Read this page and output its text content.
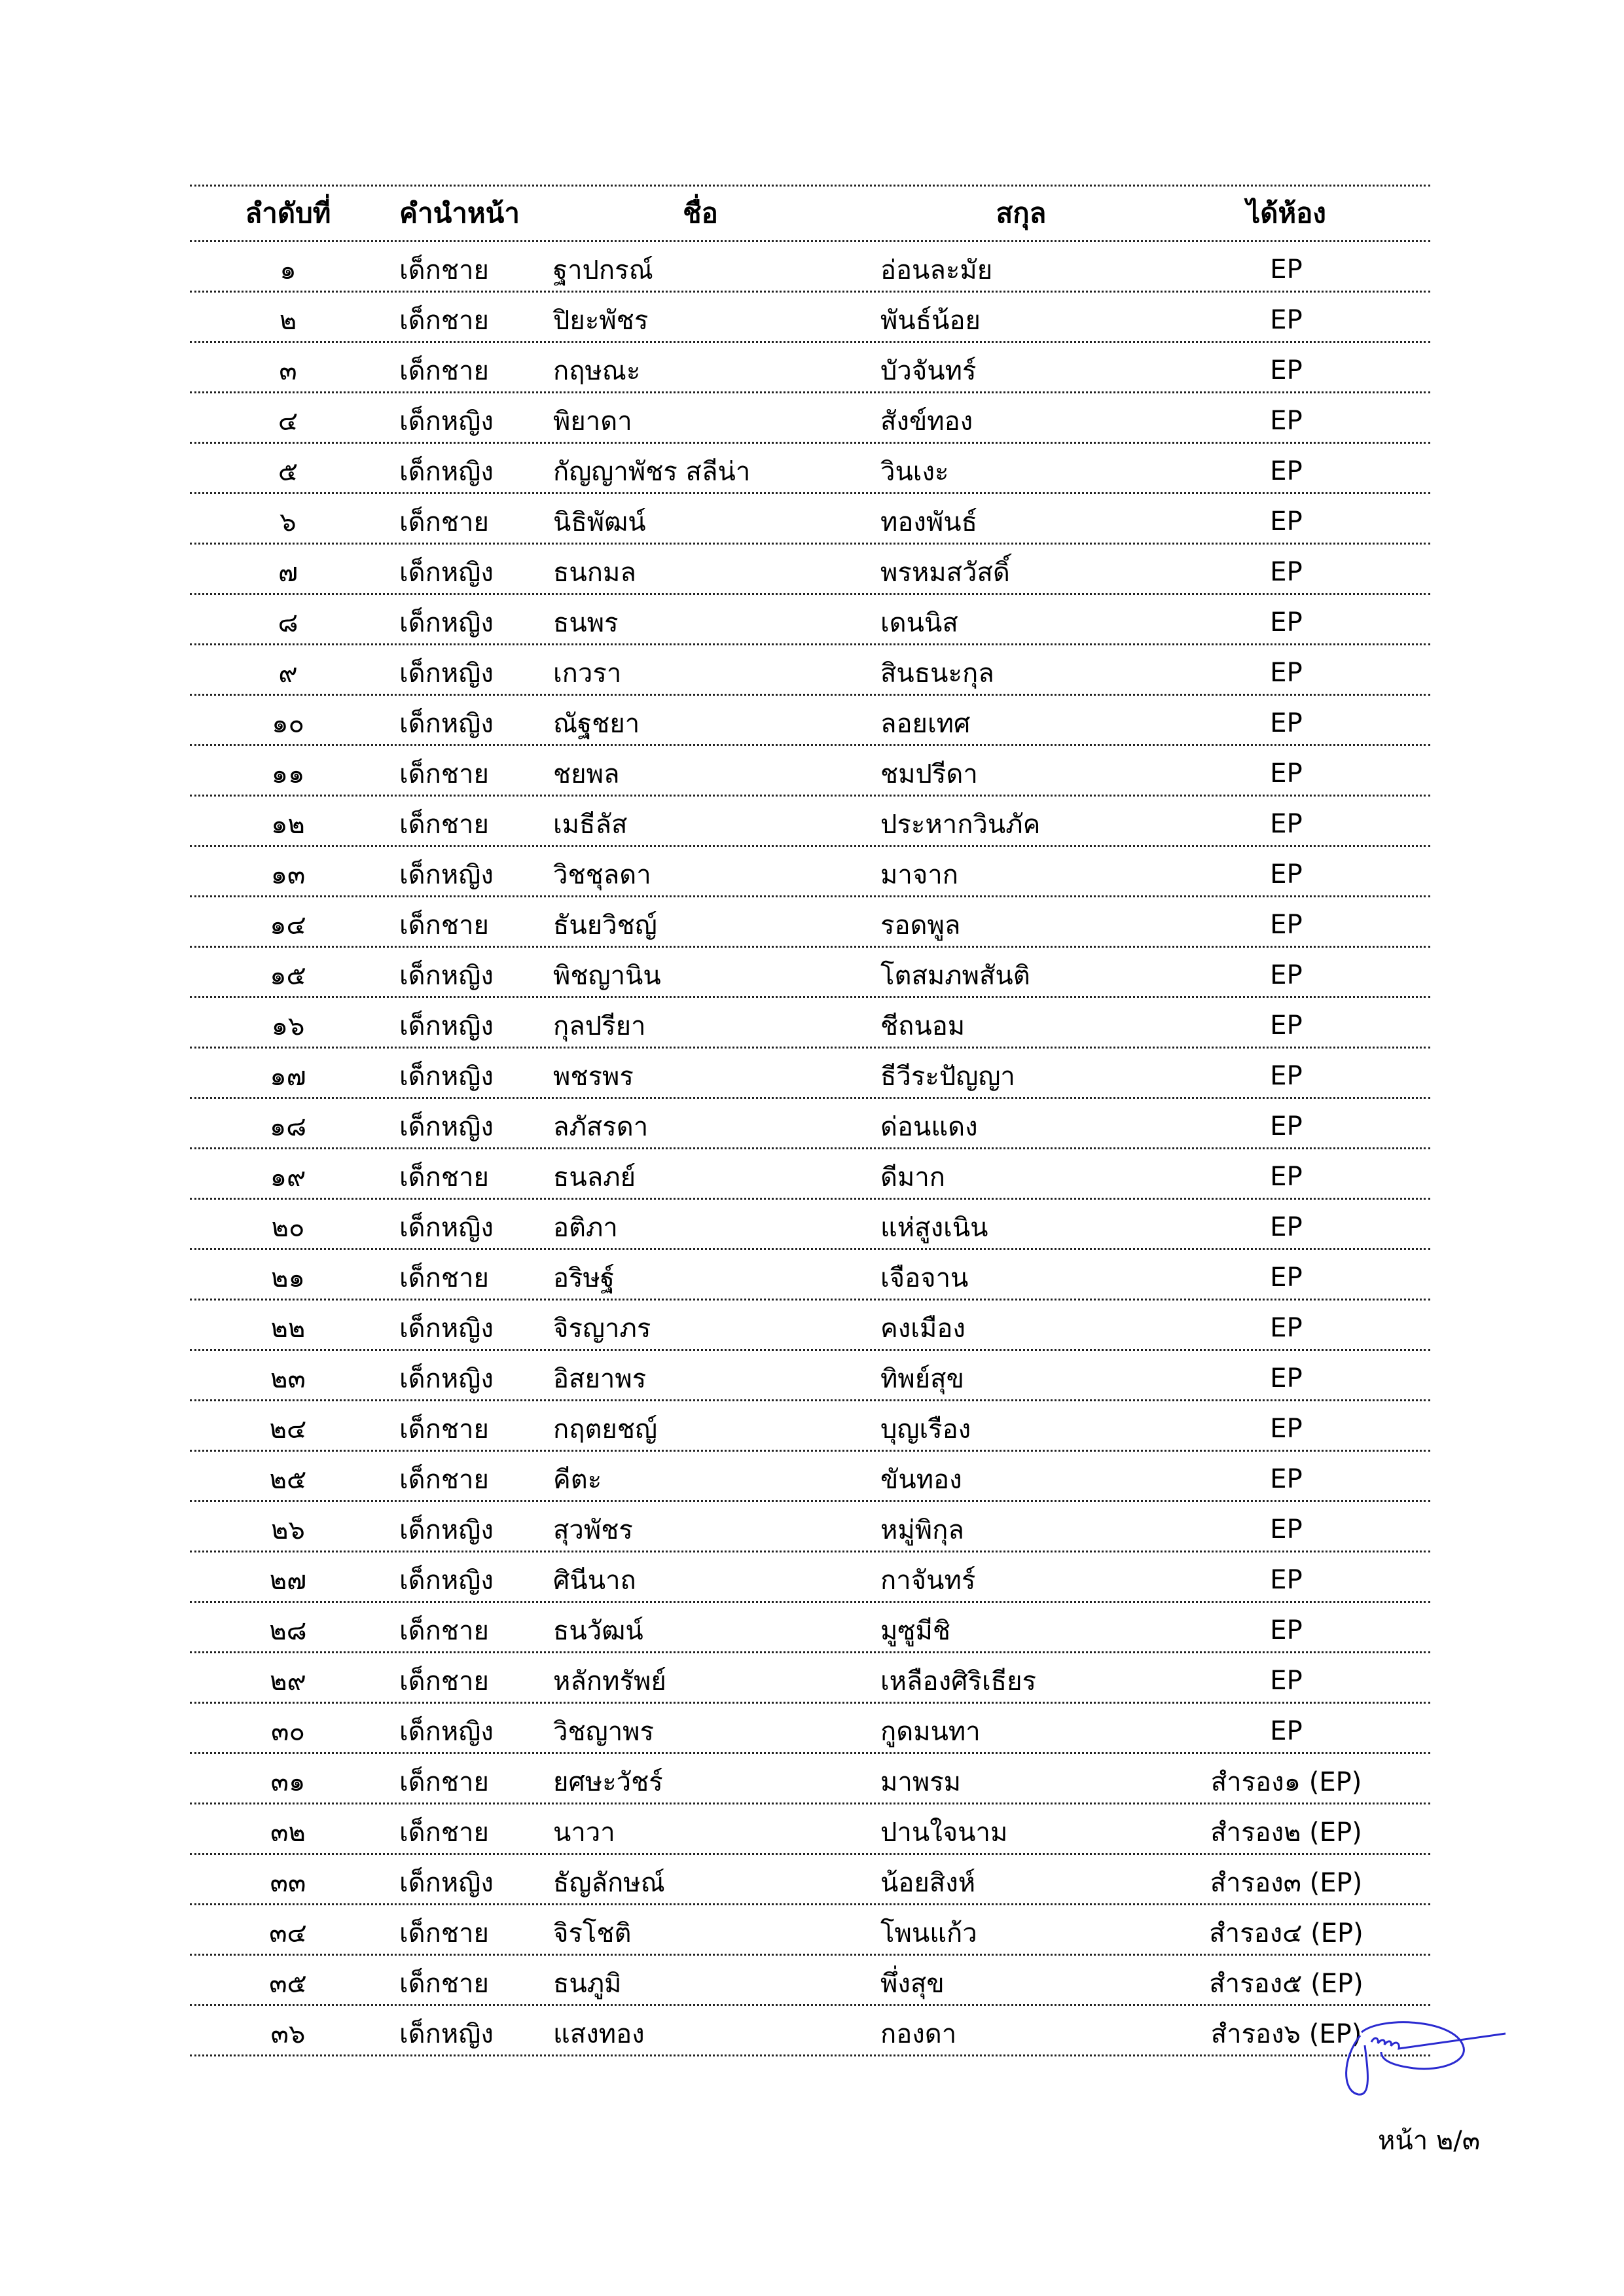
ลำดับที่	คำนำหน้า	ชื่อ	สกุล	ได้ห้อง
๑	เด็กชาย ฐาปกรณ์	อ่อนละมัย	EP
๒	เด็กชาย ปิยะพัชร	พันธ์น้อย	EP
๓	เด็กชาย กฤษณะ	บัวจันทร์	EP
๔	เด็กหญิง พิยาดา	สังข์ทอง	EP
๕	เด็กหญิง กัญญาพัชร สลีน่า	วินเงะ	EP
๖	เด็กชาย นิธิพัฒน์	ทองพันธ์	EP
๗	เด็กหญิง ธนกมล	พรหมสวัสดิ์	EP
๘	เด็กหญิง ธนพร	เดนนิส	EP
๙	เด็กหญิง เกวรา	สินธนะกุล	EP
๑๐	เด็กหญิง ณัฐชยา	ลอยเทศ	EP
๑๑	เด็กชาย ชยพล	ชมปรีดา	EP
๑๒	เด็กชาย เมธีลัส	ประหากวินภัค	EP
๑๓	เด็กหญิง วิชชุลดา	มาจาก	EP
๑๔	เด็กชาย ธันยวิชญ์	รอดพูล	EP
๑๕	เด็กหญิง พิชญานิน	โตสมภพสันติ	EP
๑๖	เด็กหญิง กุลปรียา	ชีถนอม	EP
๑๗	เด็กหญิง พชรพร	ธีวีระปัญญา	EP
๑๘	เด็กหญิง ลภัสรดา	ด่อนแดง	EP
๑๙	เด็กชาย ธนลภย์	ดีมาก	EP
๒๐	เด็กหญิง อติภา	แห่สูงเนิน	EP
๒๑	เด็กชาย อริษฐ์	เจือจาน	EP
๒๒	เด็กหญิง จิรญาภร	คงเมือง	EP
๒๓	เด็กหญิง อิสยาพร	ทิพย์สุข	EP
๒๔	เด็กชาย กฤตยชญ์	บุญเรือง	EP
๒๕	เด็กชาย คีตะ	ขันทอง	EP
๒๖	เด็กหญิง สุวพัชร	หมู่พิกุล	EP
๒๗	เด็กหญิง ศินีนาถ	กาจันทร์	EP
๒๘	เด็กชาย ธนวัฒน์	มูซูมีชิ	EP
๒๙	เด็กชาย หลักทรัพย์	เหลืองศิริเธียร	EP
๓๐	เด็กหญิง วิชญาพร	กูดมนทา	EP
๓๑	เด็กชาย ยศษะวัชร์	มาพรม	สำรอง๑ (EP)
๓๒	เด็กชาย นาวา	ปานใจนาม	สำรอง๒ (EP)
๓๓	เด็กหญิง ธัญลักษณ์	น้อยสิงห์	สำรอง๓ (EP)
๓๔	เด็กชาย จิรโชติ	โพนแก้ว	สำรอง๔ (EP)
๓๕	เด็กชาย ธนภูมิ	พึ่งสุข	สำรอง๕ (EP)
๓๖	เด็กหญิง แสงทอง	กองดา	สำรอง๖ (EP)
หน้า ๒/๓
